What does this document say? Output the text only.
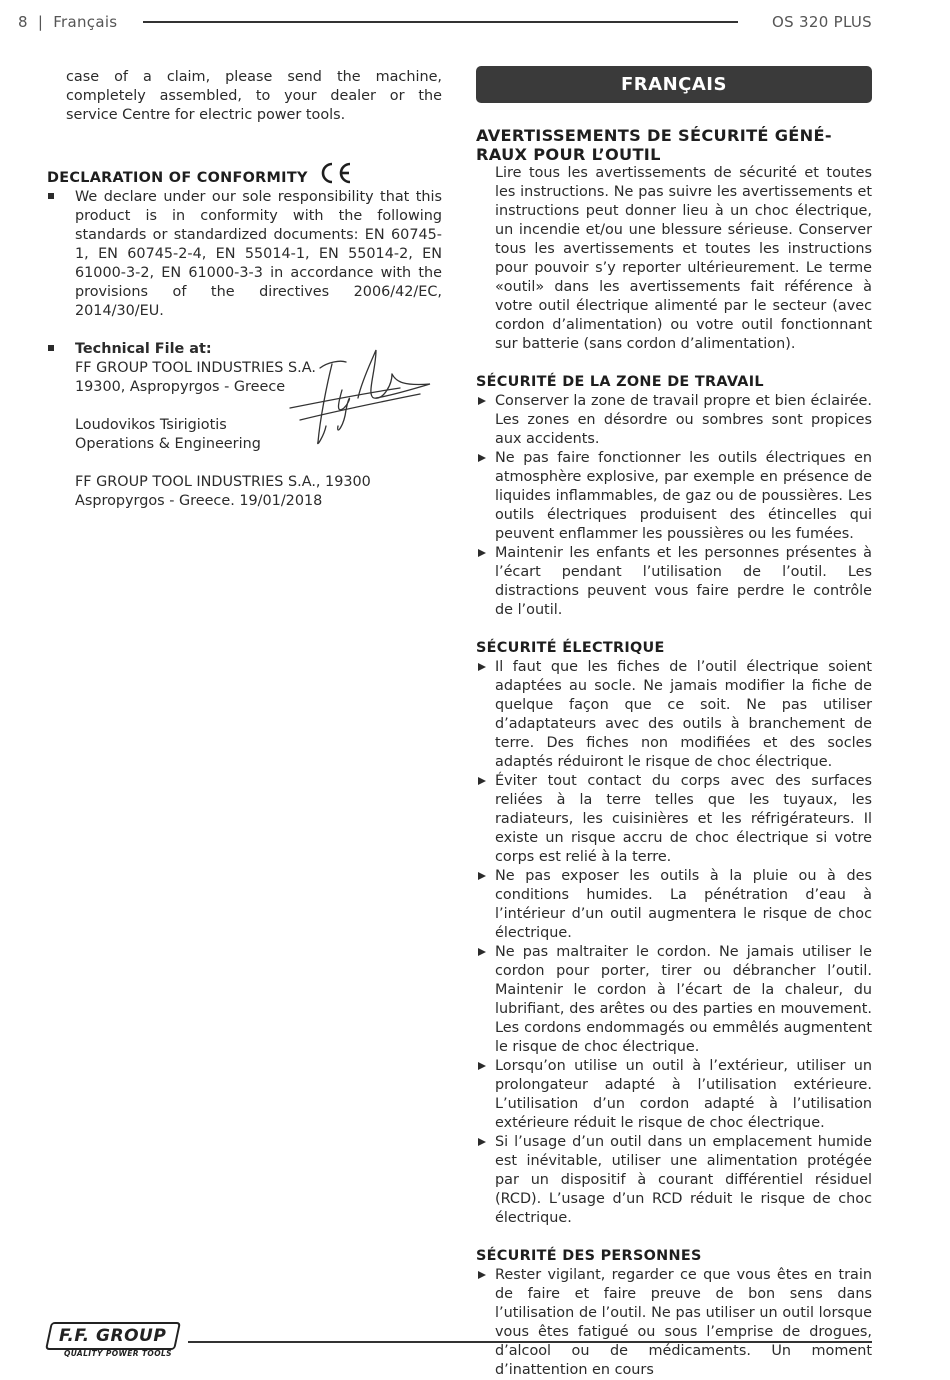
8 | Français	OS 320 PLUS
case of a claim, please send the machine, completely assembled, to your dealer or the service Centre for electric power tools.
DECLARATION OF CONFORMITY
We declare under our sole responsibility that this product is in conformity with the following standards or standardized documents: EN 60745-1, EN 60745-2-4, EN 55014-1, EN 55014-2, EN 61000-3-2, EN 61000-3-3 in accordance with the provisions of the directives 2006/42/EC, 2014/30/EU.
Technical File at:
FF GROUP TOOL INDUSTRIES S.A.
19300, Aspropyrgos - Greece
Loudovikos Tsirigiotis
Operations & Engineering
FF GROUP TOOL INDUSTRIES S.A., 19300
Aspropyrgos - Greece. 19/01/2018
FRANÇAIS
AVERTISSEMENTS DE SÉCURITÉ GÉNÉ-
RAUX POUR L’OUTIL
Lire tous les avertissements de sécurité et toutes les instructions. Ne pas suivre les avertissements et instructions peut donner lieu à un choc électrique, un incendie et/ou une blessure sérieuse. Conserver tous les avertissements et toutes les instructions pour pouvoir s’y reporter ultérieurement. Le terme «outil» dans les avertissements fait référence à votre outil électrique alimenté par le secteur (avec cordon d’alimentation) ou votre outil fonctionnant sur batterie (sans cordon d’alimentation).
SÉCURITÉ DE LA ZONE DE TRAVAIL
Conserver la zone de travail propre et bien éclairée. Les zones en désordre ou sombres sont propices aux accidents.
Ne pas faire fonctionner les outils électriques en atmosphère explosive, par exemple en présence de liquides inflammables, de gaz ou de poussières. Les outils électriques produisent des étincelles qui peuvent enflammer les poussières ou les fumées.
Maintenir les enfants et les personnes présentes à l’écart pendant l’utilisation de l’outil. Les distractions peuvent vous faire perdre le contrôle de l’outil.
SÉCURITÉ ÉLECTRIQUE
Il faut que les fiches de l’outil électrique soient adaptées au socle. Ne jamais modifier la fiche de quelque façon que ce soit. Ne pas utiliser d’adaptateurs avec des outils à branchement de terre. Des fiches non modifiées et des socles adaptés réduiront le risque de choc électrique.
Éviter tout contact du corps avec des surfaces reliées à la terre telles que les tuyaux, les radiateurs, les cuisinières et les réfrigérateurs. Il existe un risque accru de choc électrique si votre corps est relié à la terre.
Ne pas exposer les outils à la pluie ou à des conditions humides. La pénétration d’eau à l’intérieur d’un outil augmentera le risque de choc électrique.
Ne pas maltraiter le cordon. Ne jamais utiliser le cordon pour porter, tirer ou débrancher l’outil. Maintenir le cordon à l’écart de la chaleur, du lubrifiant, des arêtes ou des parties en mouvement. Les cordons endommagés ou emmêlés augmentent le risque de choc électrique.
Lorsqu’on utilise un outil à l’extérieur, utiliser un prolongateur adapté à l’utilisation extérieure. L’utilisation d’un cordon adapté à l’utilisation extérieure réduit le risque de choc électrique.
Si l’usage d’un outil dans un emplacement humide est inévitable, utiliser une alimentation protégée par un dispositif à courant différentiel résiduel (RCD). L’usage d’un RCD réduit le risque de choc électrique.
SÉCURITÉ DES PERSONNES
Rester vigilant, regarder ce que vous êtes en train de faire et faire preuve de bon sens dans l’utilisation de l’outil. Ne pas utiliser un outil lorsque vous êtes fatigué ou sous l’emprise de drogues, d’alcool ou de médicaments. Un moment d’inattention en cours
F.F. GROUP
QUALITY POWER TOOLS
